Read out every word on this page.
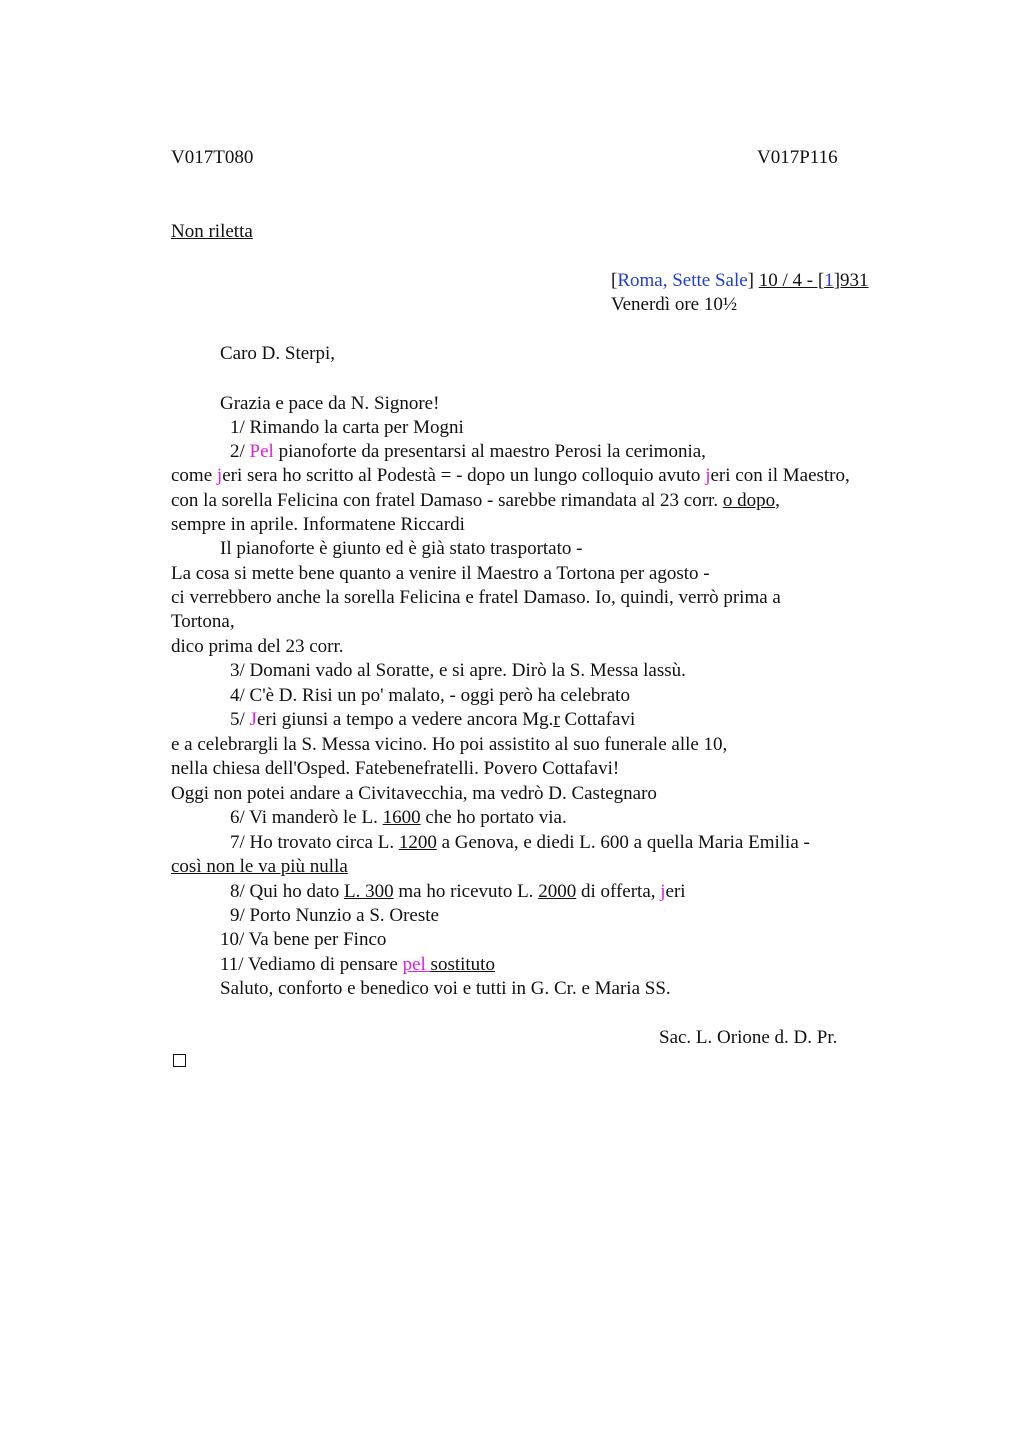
V017T080	V017P116
Non riletta
[Roma, Sette Sale] 10 / 4 - [1]931
Venerdì ore 10½
Caro D. Sterpi,
Grazia e pace da N. Signore!
1/ Rimando la carta per Mogni
2/ Pel pianoforte da presentarsi al maestro Perosi la cerimonia,
come jeri sera ho scritto al Podestà = - dopo un lungo colloquio avuto jeri con il Maestro,
con la sorella Felicina con fratel Damaso - sarebbe rimandata al 23 corr. o dopo,
sempre in aprile. Informatene Riccardi
Il pianoforte è giunto ed è già stato trasportato -
La cosa si mette bene quanto a venire il Maestro a Tortona per agosto -
ci verrebbero anche la sorella Felicina e fratel Damaso. Io, quindi, verrò prima a
Tortona,
dico prima del 23 corr.
3/ Domani vado al Soratte, e si apre. Dirò la S. Messa lassù.
4/ C'è D. Risi un po' malato, - oggi però ha celebrato
5/ Jeri giunsi a tempo a vedere ancora Mg.r Cottafavi
e a celebrargli la S. Messa vicino. Ho poi assistito al suo funerale alle 10,
nella chiesa dell'Osped. Fatebenefratelli. Povero Cottafavi!
Oggi non potei andare a Civitavecchia, ma vedrò D. Castegnaro
6/ Vi manderò le L. 1600 che ho portato via.
7/ Ho trovato circa L. 1200 a Genova, e diedi L. 600 a quella Maria Emilia -
così non le va più nulla
8/ Qui ho dato L. 300 ma ho ricevuto L. 2000 di offerta, jeri
9/ Porto Nunzio a S. Oreste
10/ Va bene per Finco
11/ Vediamo di pensare pel sostituto
Saluto, conforto e benedico voi e tutti in G. Cr. e Maria SS.
Sac. L. Orione d. D. Pr.
